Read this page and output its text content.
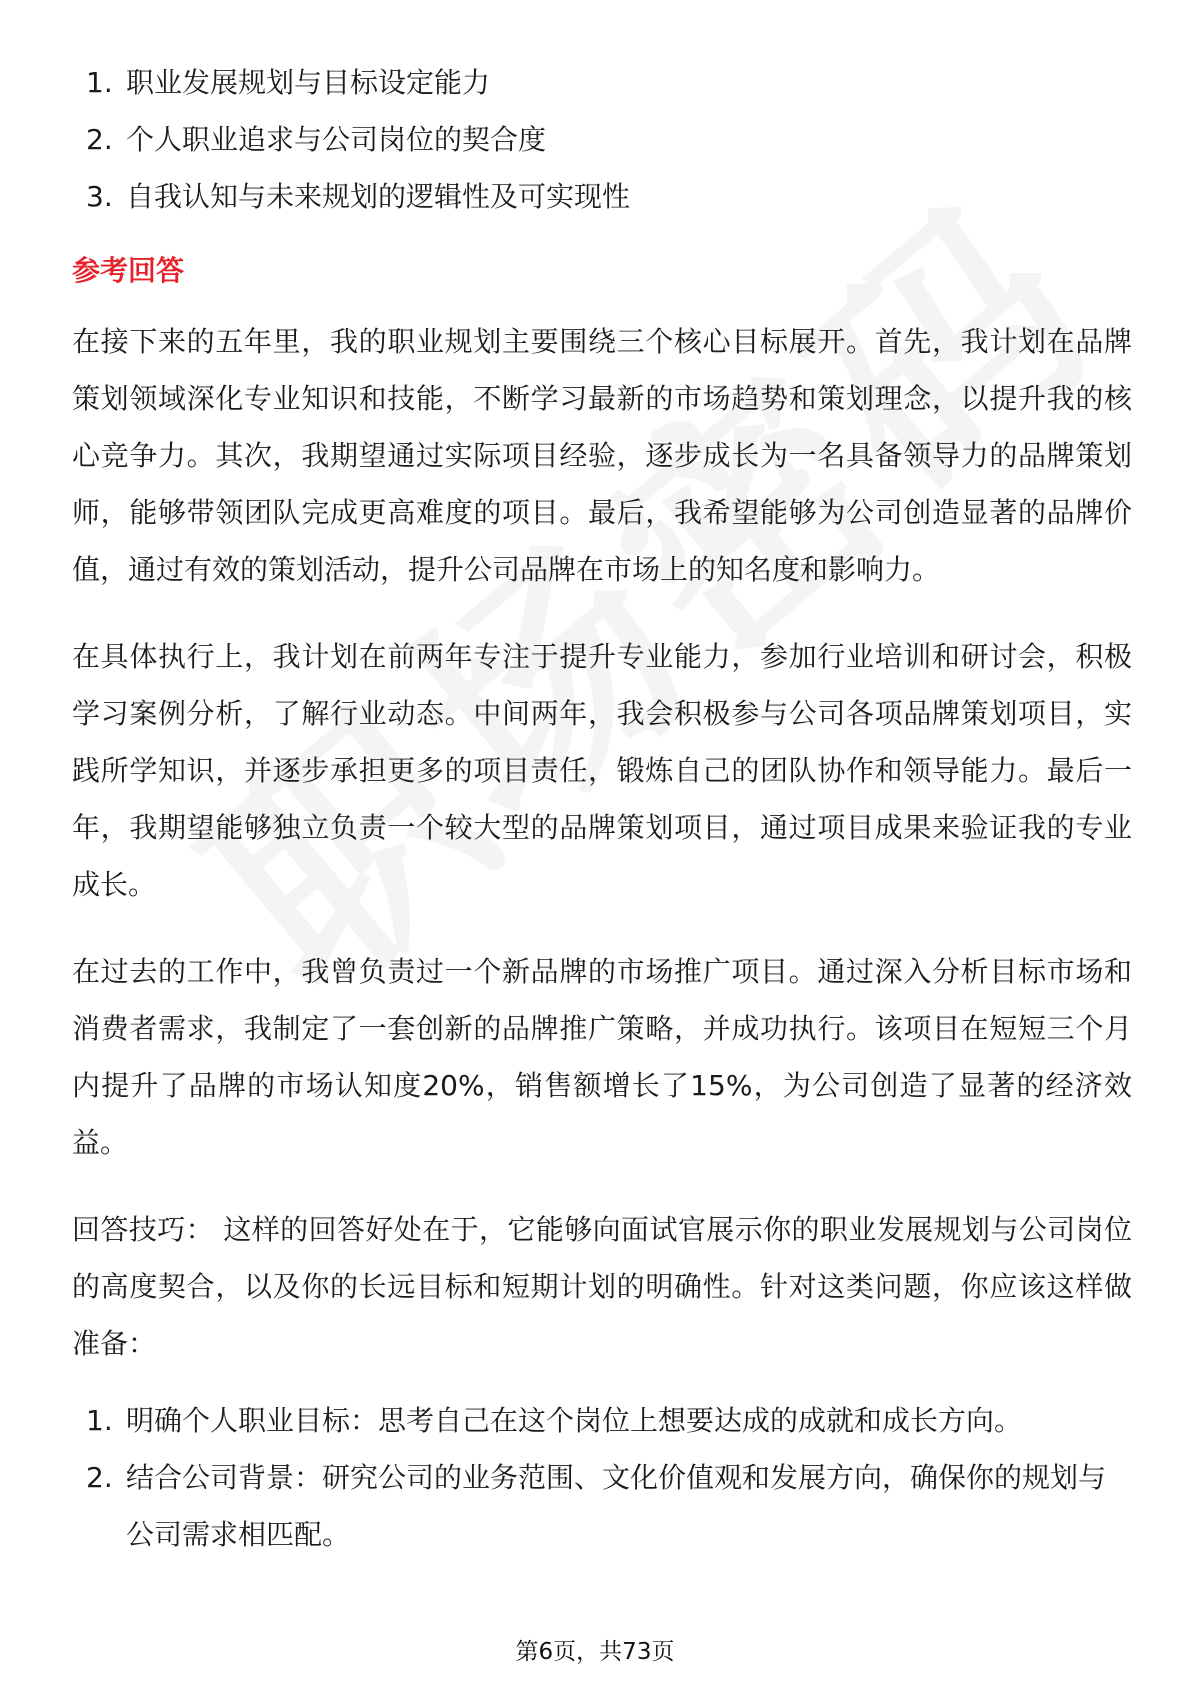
1. 职业发展规划与目标设定能力
2. 个人职业追求与公司岗位的契合度
3. 自我认知与未来规划的逻辑性及可实现性
参考回答

在接下来的五年里，我的职业规划主要围绕三个核心目标展开。首先，我计划在品牌策划领域深化专业知识和技能，不断学习最新的市场趋势和策划理念，以提升我的核心竞争力。其次，我期望通过实际项目经验，逐步成长为一名具备领导力的品牌策划师，能够带领团队完成更高难度的项目。最后，我希望能够为公司创造显著的品牌价值，通过有效的策划活动，提升公司品牌在市场上的知名度和影响力。

在具体执行上，我计划在前两年专注于提升专业能力，参加行业培训和研讨会，积极学习案例分析，了解行业动态。中间两年，我会积极参与公司各项品牌策划项目，实践所学知识，并逐步承担更多的项目责任，锻炼自己的团队协作和领导能力。最后一年，我期望能够独立负责一个较大型的品牌策划项目，通过项目成果来验证我的专业成长。

在过去的工作中，我曾负责过一个新品牌的市场推广项目。通过深入分析目标市场和消费者需求，我制定了一套创新的品牌推广策略，并成功执行。该项目在短短三个月内提升了品牌的市场认知度20%，销售额增长了15%，为公司创造了显著的经济效益。

回答技巧： 这样的回答好处在于，它能够向面试官展示你的职业发展规划与公司岗位的高度契合，以及你的长远目标和短期计划的明确性。针对这类问题，你应该这样做准备：

1. 明确个人职业目标：思考自己在这个岗位上想要达成的成就和成长方向。
2. 结合公司背景：研究公司的业务范围、文化价值观和发展方向，确保你的规划与公司需求相匹配。
第6页，共73页
